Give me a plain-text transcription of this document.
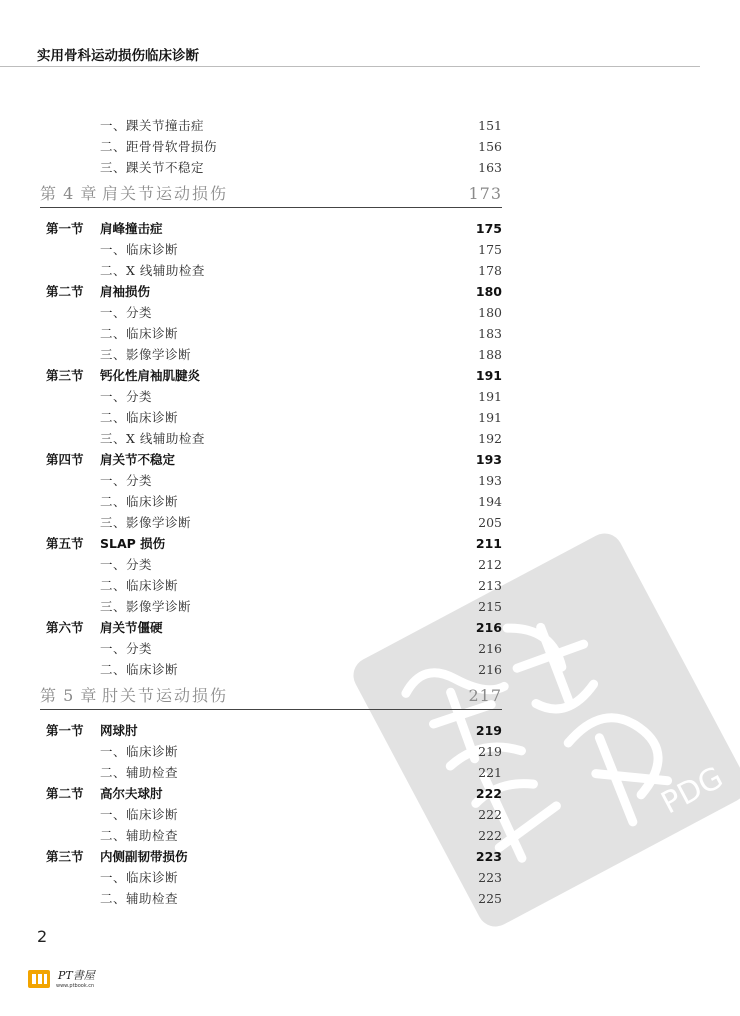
实用骨科运动损伤临床诊断
PDG
一、踝关节撞击症	151
二、距骨骨软骨损伤	156
三、踝关节不稳定	163
第 4 章 肩关节运动损伤	173
第一节 肩峰撞击症	175
一、临床诊断	175
二、X 线辅助检查	178
第二节 肩袖损伤	180
一、分类	180
二、临床诊断	183
三、影像学诊断	188
第三节 钙化性肩袖肌腱炎	191
一、分类	191
二、临床诊断	191
三、X 线辅助检查	192
第四节 肩关节不稳定	193
一、分类	193
二、临床诊断	194
三、影像学诊断	205
第五节 SLAP 损伤	211
一、分类	212
二、临床诊断	213
三、影像学诊断	215
第六节 肩关节僵硬	216
一、分类	216
二、临床诊断	216
第 5 章 肘关节运动损伤	217
第一节 网球肘	219
一、临床诊断	219
二、辅助检查	221
第二节 高尔夫球肘	222
一、临床诊断	222
二、辅助检查	222
第三节 内侧副韧带损伤	223
一、临床诊断	223
二、辅助检查	225
2
PT書屋
www.ptbook.cn
